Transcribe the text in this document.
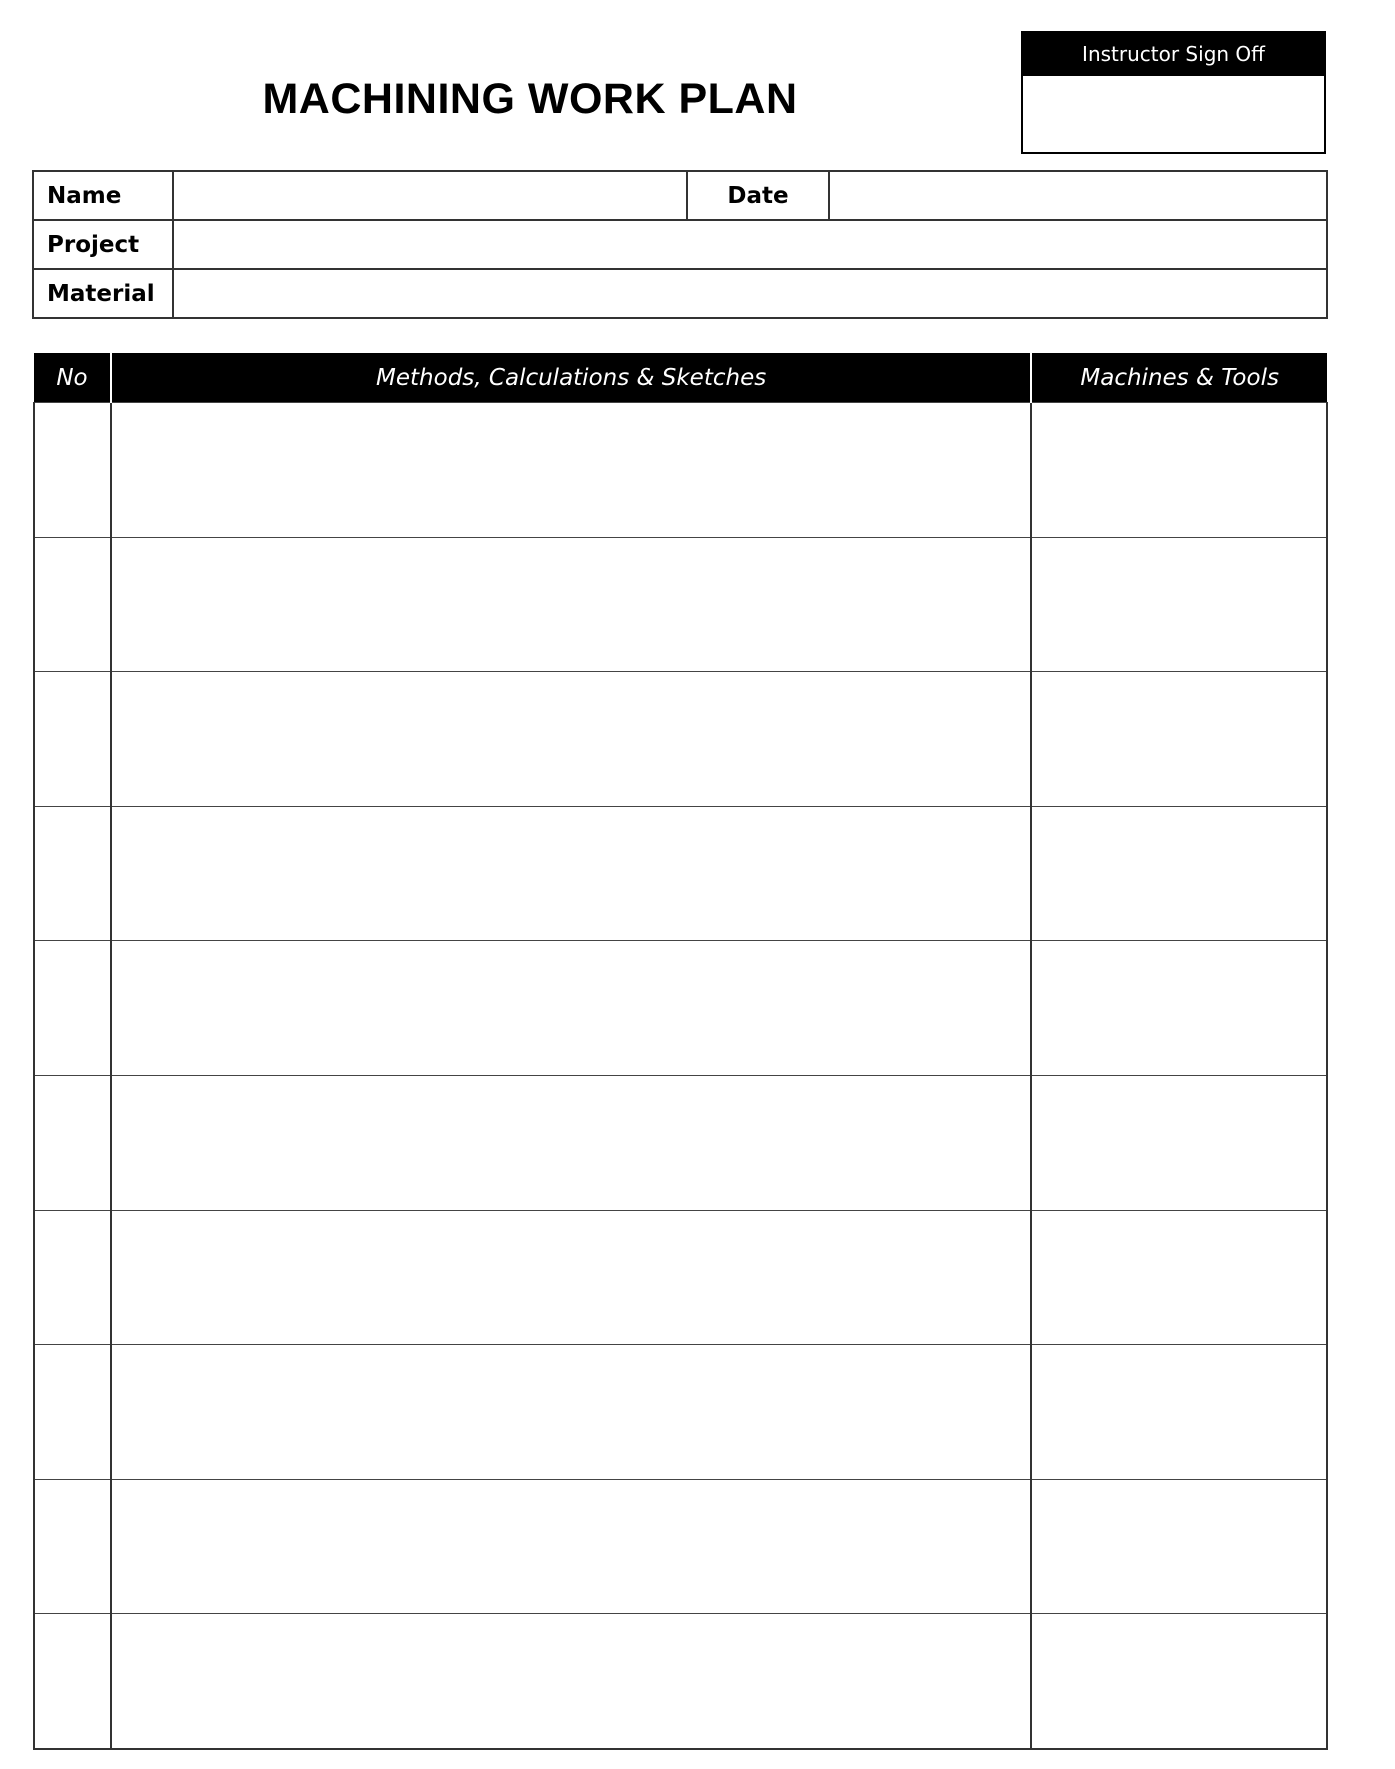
MACHINING WORK PLAN
Instructor Sign Off
Name		Date	
Project			
Material			
No	Methods, Calculations & Sketches	Machines & Tools
